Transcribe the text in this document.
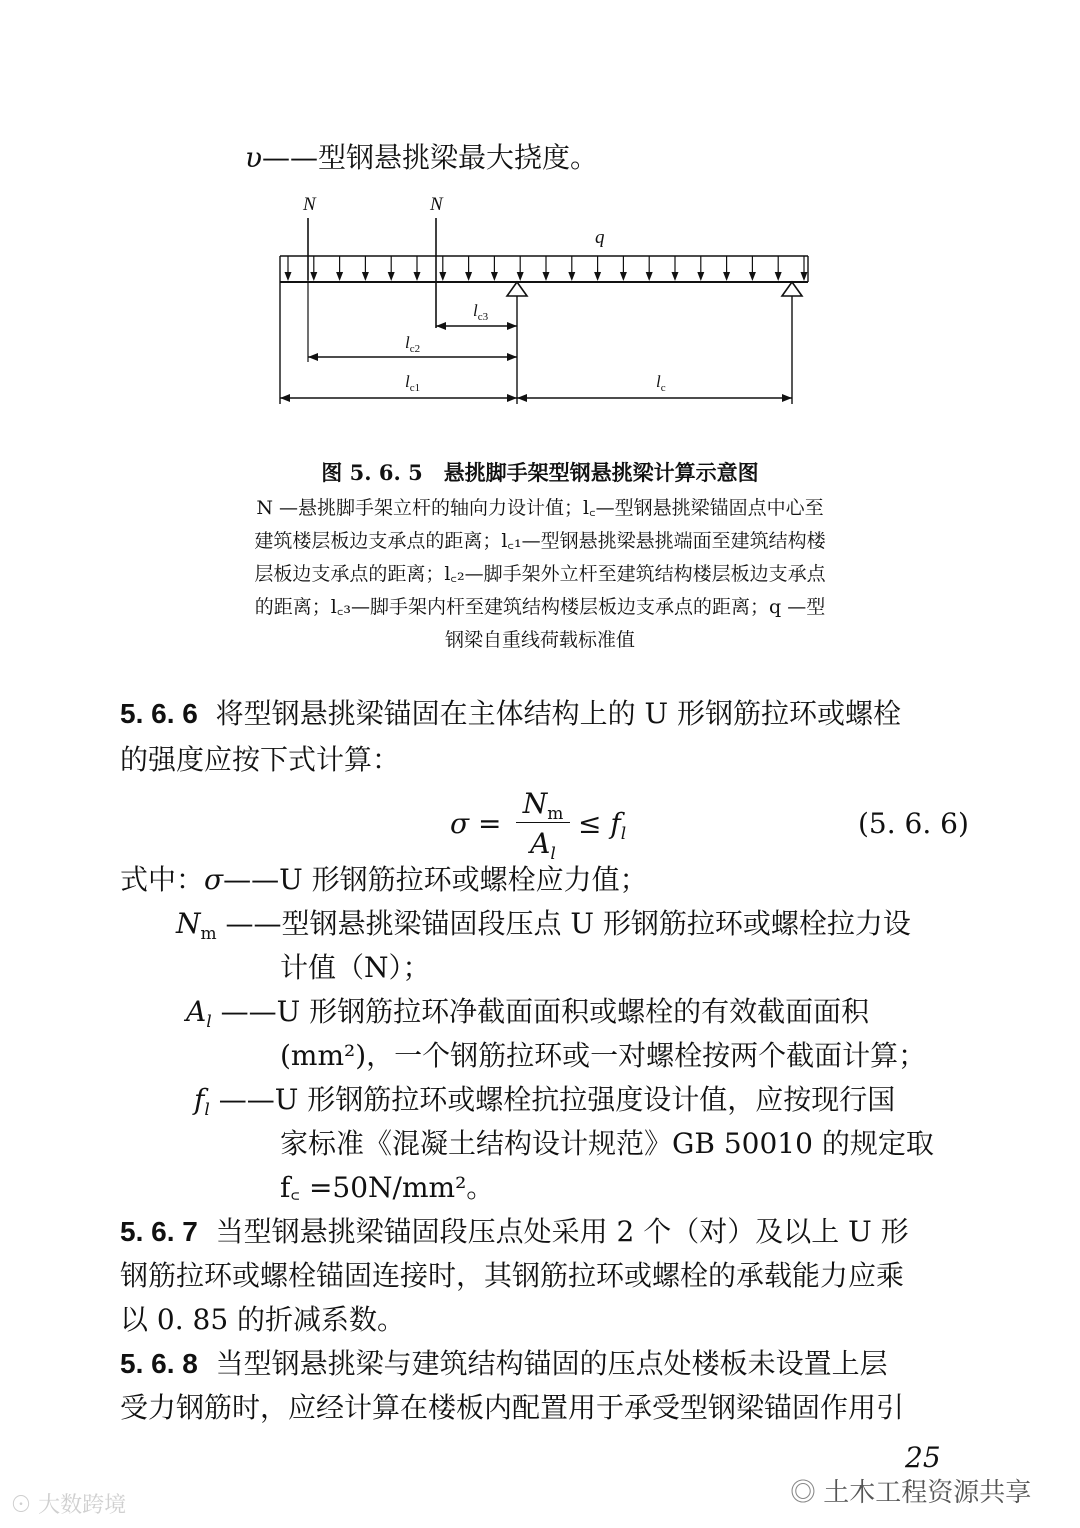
υ——型钢悬挑梁最大挠度。
N	N
q
$l_{c3}$
$l_{c2}$
$l_{c1}$	$l_c$
图 5. 6. 5　悬挑脚手架型钢悬挑梁计算示意图
N —悬挑脚手架立杆的轴向力设计值；l꜀—型钢悬挑梁锚固点中心至
建筑楼层板边支承点的距离；l꜀₁—型钢悬挑梁悬挑端面至建筑结构楼
层板边支承点的距离；l꜀₂—脚手架外立杆至建筑结构楼层板边支承点
的距离；l꜀₃—脚手架内杆至建筑结构楼层板边支承点的距离；q —型
钢梁自重线荷载标准值
5. 6. 6 将型钢悬挑梁锚固在主体结构上的 U 形钢筋拉环或螺栓
的强度应按下式计算：
σ =
$N_m$
$A_l$
≤ $f_l$	(5. 6. 6)
式中：σ——U 形钢筋拉环或螺栓应力值；
$N_m$ ——型钢悬挑梁锚固段压点 U 形钢筋拉环或螺栓拉力设
计值（N）；
$A_l$ ——U 形钢筋拉环净截面面积或螺栓的有效截面面积
(mm²)，一个钢筋拉环或一对螺栓按两个截面计算；
$f_l$ ——U 形钢筋拉环或螺栓抗拉强度设计值，应按现行国
家标准《混凝土结构设计规范》GB 50010 的规定取
f꜀ =50N/mm²。
5. 6. 7 当型钢悬挑梁锚固段压点处采用 2 个（对）及以上 U 形
钢筋拉环或螺栓锚固连接时，其钢筋拉环或螺栓的承载能力应乘
以 0. 85 的折减系数。
5. 6. 8 当型钢悬挑梁与建筑结构锚固的压点处楼板未设置上层
受力钢筋时，应经计算在楼板内配置用于承受型钢梁锚固作用引
25
⊙ 大数跨境	◎ 土木工程资源共享
